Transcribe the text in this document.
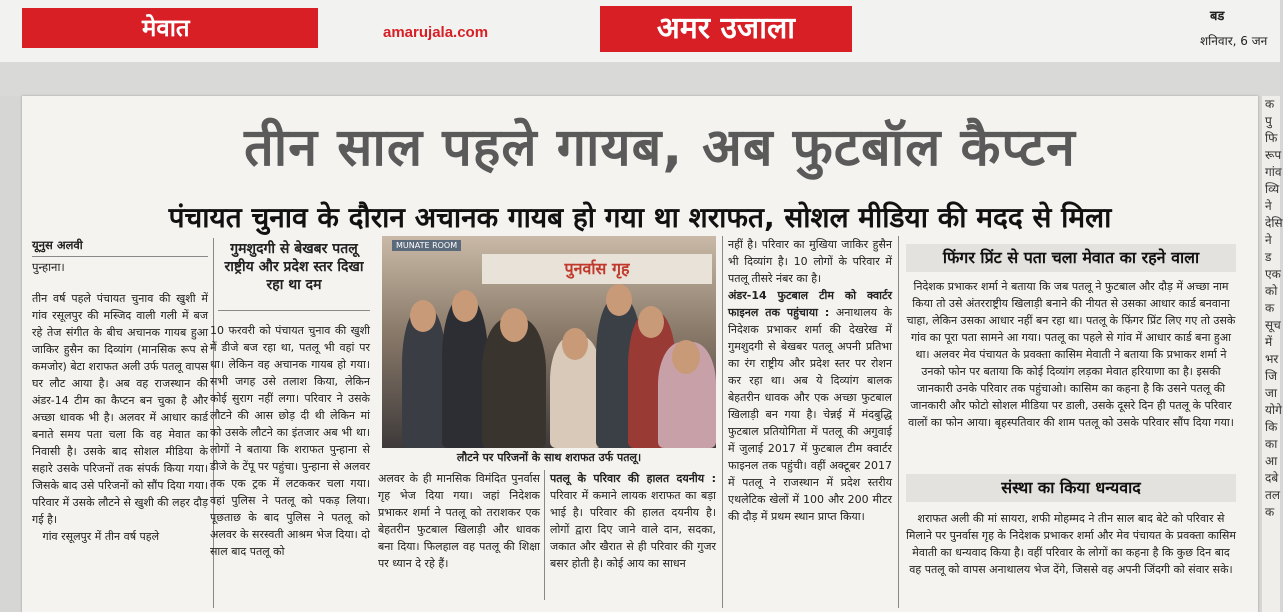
मेवात	amarujala.com	अमर उजाला	बड
शनिवार, 6 जन
तीन साल पहले गायब, अब फुटबॉल कैप्टन
पंचायत चुनाव के दौरान अचानक गायब हो गया था शराफत, सोशल मीडिया की मदद से मिला
यूनुस अलवी
पुन्हाना।
तीन वर्ष पहले पंचायत चुनाव की खुशी में गांव रसूलपुर की मस्जिद वाली गली में बज रहे तेज संगीत के बीच अचानक गायब हुआ जाकिर हुसैन का दिव्यांग (मानसिक रूप से कमजोर) बेटा शराफत अली उर्फ पतलू वापस घर लौट आया है। अब वह राजस्थान की अंडर-14 टीम का कैप्टन बन चुका है और अच्छा धावक भी है। अलवर में आधार कार्ड बनाते समय पता चला कि वह मेवात का निवासी है। उसके बाद सोशल मीडिया के सहारे उसके परिजनों तक संपर्क किया गया। जिसके बाद उसे परिजनों को सौंप दिया गया। परिवार में उसके लौटने से खुशी की लहर दौड़ गई है।
गांव रसूलपुर में तीन वर्ष पहले
गुमशुदगी से बेखबर पतलू राष्ट्रीय और प्रदेश स्तर दिखा रहा था दम
10 फरवरी को पंचायत चुनाव की खुशी में डीजे बज रहा था, पतलू भी वहां पर था। लेकिन वह अचानक गायब हो गया। सभी जगह उसे तलाश किया, लेकिन कोई सुराग नहीं लगा। परिवार ने उसके लौटने की आस छोड़ दी थी लेकिन मां को उसके लौटने का इंतजार अब भी था। लोगों ने बताया कि शराफत पुन्हाना से डीजे के टेंपू पर पहुंचा। पुन्हाना से अलवर तक एक ट्रक में लटककर चला गया। वहां पुलिस ने पतलू को पकड़ लिया। पूछताछ के बाद पुलिस ने पतलू को अलवर के सरस्वती आश्रम भेज दिया। दो साल बाद पतलू को
MUNATE ROOM
पुनर्वास गृह
लौटने पर परिजनों के साथ शराफत उर्फ पतलू।
अलवर के ही मानसिक विमंदित पुनर्वास गृह भेज दिया गया। जहां निदेशक प्रभाकर शर्मा ने पतलू को तराशकर एक बेहतरीन फुटबाल खिलाड़ी और धावक बना दिया। फिलहाल वह पतलू की शिक्षा पर ध्यान दे रहे हैं।
पतलू के परिवार की हालत दयनीय : परिवार में कमाने लायक शराफत का बड़ा भाई है। परिवार की हालत दयनीय है। लोगों द्वारा दिए जाने वाले दान, सदका, जकात और खैरात से ही परिवार की गुजर बसर होती है। कोई आय का साधन
नहीं है। परिवार का मुखिया जाकिर हुसैन भी दिव्यांग है। 10 लोगों के परिवार में पतलू तीसरे नंबर का है।
अंडर-14 फुटबाल टीम को क्वार्टर फाइनल तक पहुंचाया : अनाथालय के निदेशक प्रभाकर शर्मा की देखरेख में गुमशुदगी से बेखबर पतलू अपनी प्रतिभा का रंग राष्ट्रीय और प्रदेश स्तर पर रोशन कर रहा था। अब ये दिव्यांग बालक बेहतरीन धावक और एक अच्छा फुटबाल खिलाड़ी बन गया है। चेन्नई में मंदबुद्धि फुटबाल प्रतियोगिता में पतलू की अगुवाई में जुलाई 2017 में फुटबाल टीम क्वार्टर फाइनल तक पहुंची। वहीं अक्टूबर 2017 में पतलू ने राजस्थान में प्रदेश स्तरीय एथलेटिक खेलों में 100 और 200 मीटर की दौड़ में प्रथम स्थान प्राप्त किया।
फिंगर प्रिंट से पता चला मेवात का रहने वाला
निदेशक प्रभाकर शर्मा ने बताया कि जब पतलू ने फुटबाल और दौड़ में अच्छा नाम किया तो उसे अंतरराष्ट्रीय खिलाड़ी बनाने की नीयत से उसका आधार कार्ड बनवाना चाहा, लेकिन उसका आधार नहीं बन रहा था। पतलू के फिंगर प्रिंट लिए गए तो उसके गांव का पूरा पता सामने आ गया। पतलू का पहले से गांव में आधार कार्ड बना हुआ था। अलवर मेव पंचायत के प्रवक्ता कासिम मेवाती ने बताया कि प्रभाकर शर्मा ने उनको फोन पर बताया कि कोई दिव्यांग लड़का मेवात हरियाणा का है। इसकी जानकारी उनके परिवार तक पहुंचाओ। कासिम का कहना है कि उसने पतलू की जानकारी और फोटो सोशल मीडिया पर डाली, उसके दूसरे दिन ही पतलू के परिवार वालों का फोन आया। बृहस्पतिवार की शाम पतलू को उसके परिवार सौंप दिया गया।
संस्था का किया धन्यवाद
शराफत अली की मां सायरा, शफी मोहम्मद ने तीन साल बाद बेटे को परिवार से मिलाने पर पुनर्वास गृह के निदेशक प्रभाकर शर्मा और मेव पंचायत के प्रवक्ता कासिम मेवाती का धन्यवाद किया है। वहीं परिवार के लोगों का कहना है कि कुछ दिन बाद वह पतलू को वापस अनाथालय भेज देंगे, जिससे वह अपनी जिंदगी को संवार सके।
क
पु
फि
रूप
गांव
व्यि
ने
देसि
ने ड
एक
को
क
सूच
में
भर
जि
जा
योगे
कि
का
आ
दबे
तल
क
